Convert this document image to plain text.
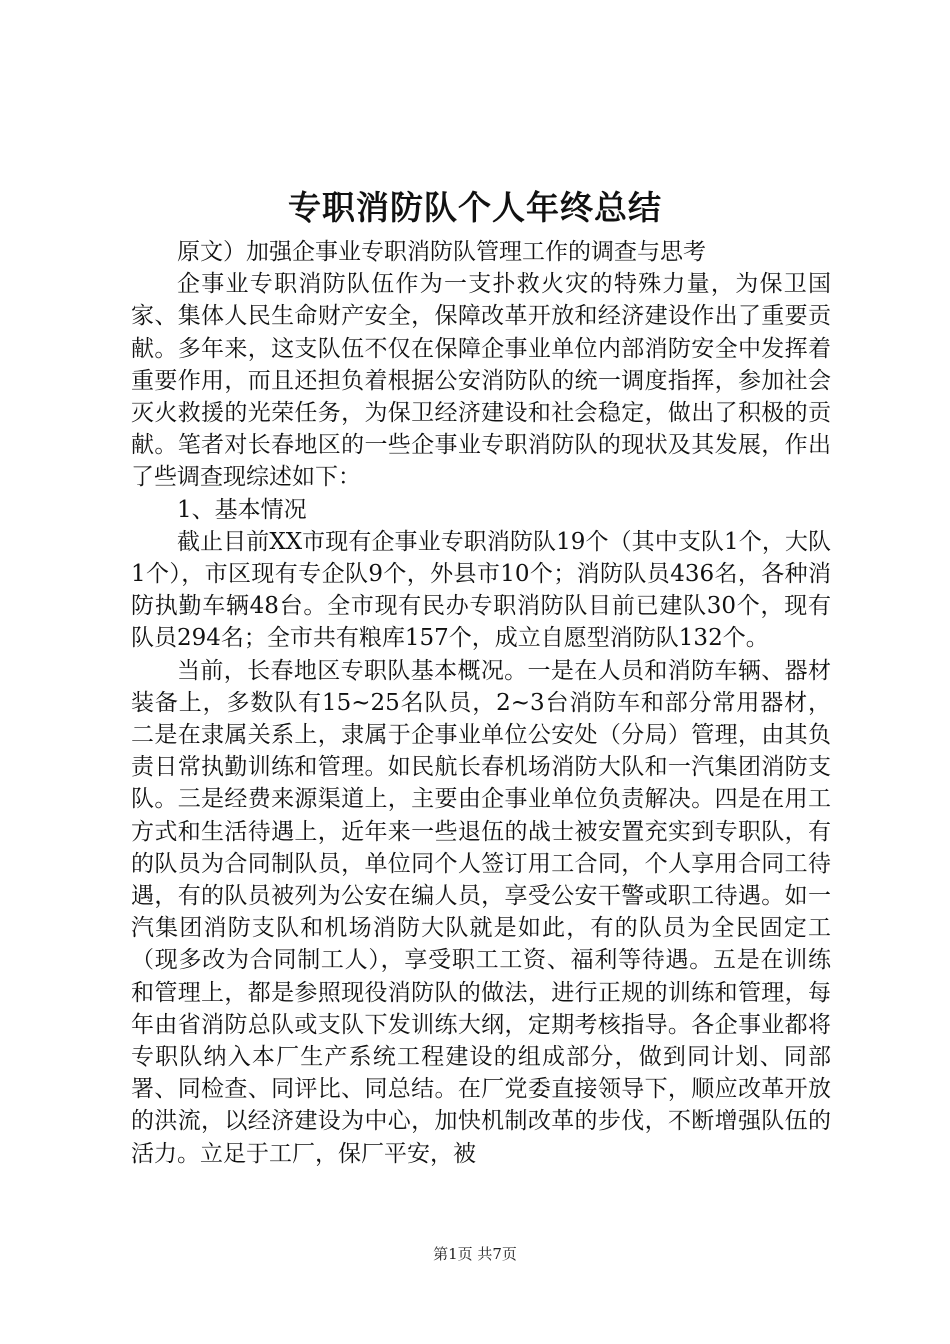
专职消防队个人年终总结

原文）加强企事业专职消防队管理工作的调查与思考

企事业专职消防队伍作为一支扑救火灾的特殊力量，为保卫国家、集体人民生命财产安全，保障改革开放和经济建设作出了重要贡献。多年来，这支队伍不仅在保障企事业单位内部消防安全中发挥着重要作用，而且还担负着根据公安消防队的统一调度指挥，参加社会灭火救援的光荣任务，为保卫经济建设和社会稳定，做出了积极的贡献。笔者对长春地区的一些企事业专职消防队的现状及其发展，作出了些调查现综述如下：

1、基本情况

截止目前XX市现有企事业专职消防队19个（其中支队1个，大队1个），市区现有专企队9个，外县市10个；消防队员436名，各种消防执勤车辆48台。全市现有民办专职消防队目前已建队30个，现有队员294名；全市共有粮库157个，成立自愿型消防队132个。

当前，长春地区专职队基本概况。一是在人员和消防车辆、器材装备上，多数队有15~25名队员，2~3台消防车和部分常用器材，二是在隶属关系上，隶属于企事业单位公安处（分局）管理，由其负责日常执勤训练和管理。如民航长春机场消防大队和一汽集团消防支队。三是经费来源渠道上，主要由企事业单位负责解决。四是在用工方式和生活待遇上，近年来一些退伍的战士被安置充实到专职队，有的队员为合同制队员，单位同个人签订用工合同，个人享用合同工待遇，有的队员被列为公安在编人员，享受公安干警或职工待遇。如一汽集团消防支队和机场消防大队就是如此，有的队员为全民固定工（现多改为合同制工人），享受职工工资、福利等待遇。五是在训练和管理上，都是参照现役消防队的做法，进行正规的训练和管理，每年由省消防总队或支队下发训练大纲，定期考核指导。各企事业都将专职队纳入本厂生产系统工程建设的组成部分，做到同计划、同部署、同检查、同评比、同总结。在厂党委直接领导下，顺应改革开放的洪流，以经济建设为中心，加快机制改革的步伐，不断增强队伍的活力。立足于工厂，保厂平安，被

第1页 共7页
